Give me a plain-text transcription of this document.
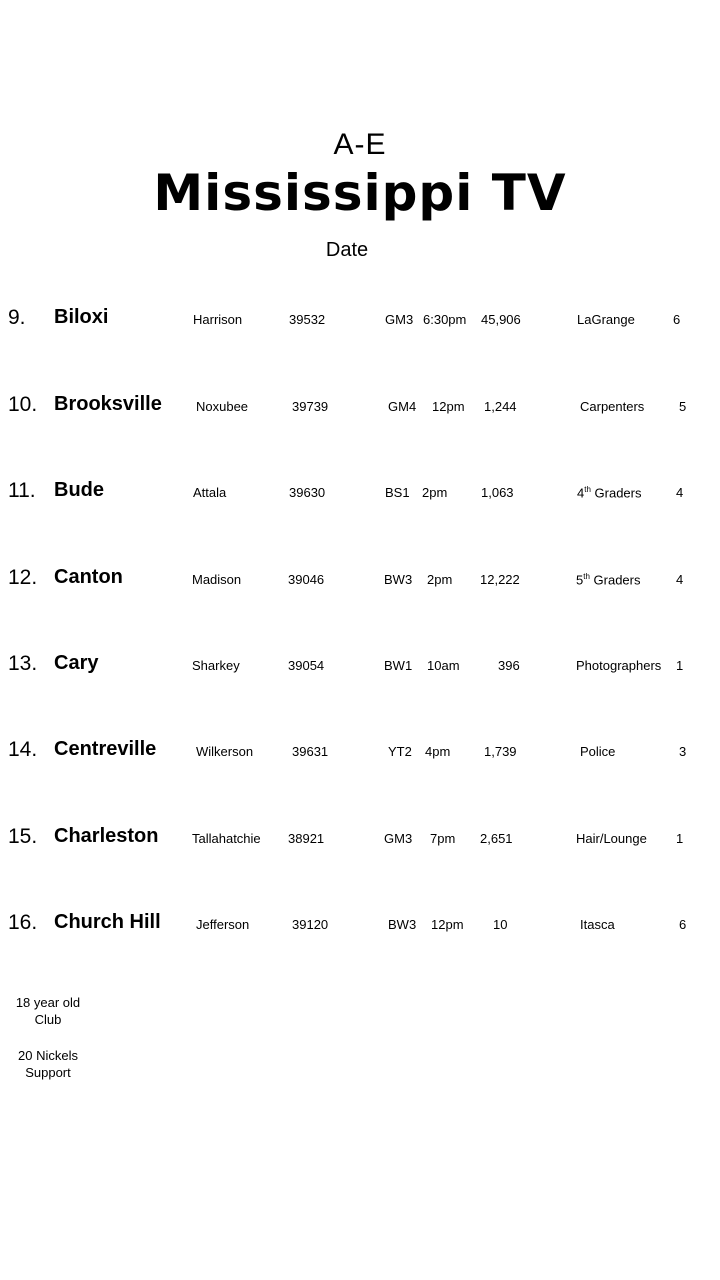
A-E
Mississippi TV
Date
9. Biloxi	Harrison	39532	GM3 6:30pm 45,906	LaGrange	6
10. Brooksville	Noxubee	39739	GM4 12pm 1,244	Carpenters	5
11. Bude	Attala	39630	BS1 2pm	1,063	4th Graders	4
12. Canton	Madison	39046	BW3 2pm 12,222	5th Graders	4
13. Cary	Sharkey	39054	BW1 10am	396	Photographers 1
14. Centreville	Wilkerson	39631	YT2 4pm	1,739	Police	3
15. Charleston	Tallahatchie 38921	GM3 7pm 2,651	Hair/Lounge 1
16. Church Hill	Jefferson	39120	BW3 12pm 10	Itasca	6
18 year old
Club
20 Nickels
Support
